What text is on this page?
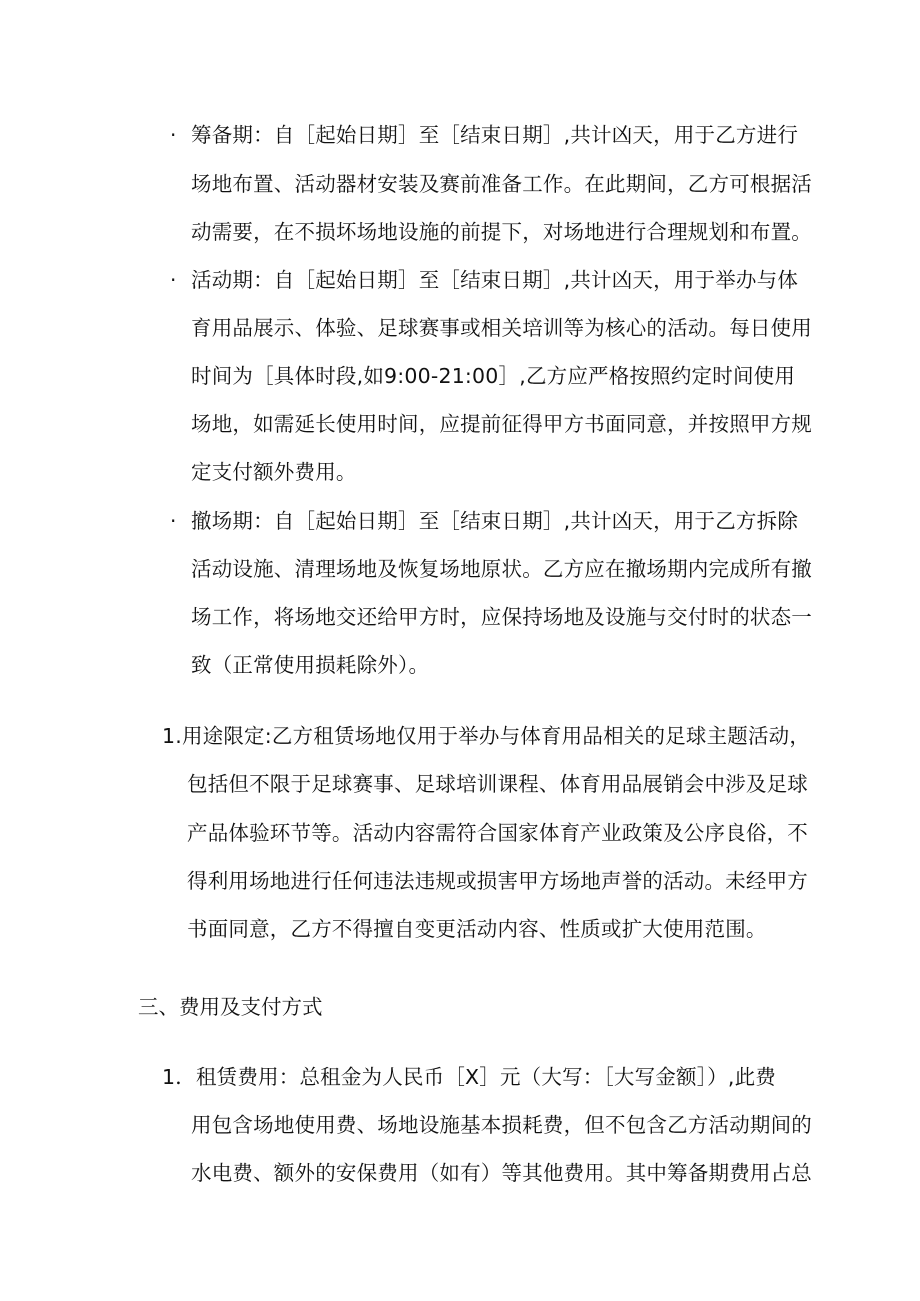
· 筹备期：自［起始日期］至［结束日期］,共计凶天，用于乙方进行
场地布置、活动器材安装及赛前准备工作。在此期间，乙方可根据活
动需要，在不损坏场地设施的前提下，对场地进行合理规划和布置。
· 活动期：自［起始日期］至［结束日期］,共计凶天，用于举办与体
育用品展示、体验、足球赛事或相关培训等为核心的活动。每日使用
时间为［具体时段,如9:00-21:00］,乙方应严格按照约定时间使用
场地，如需延长使用时间，应提前征得甲方书面同意，并按照甲方规
定支付额外费用。
· 撤场期：自［起始日期］至［结束日期］,共计凶天，用于乙方拆除
活动设施、清理场地及恢复场地原状。乙方应在撤场期内完成所有撤
场工作，将场地交还给甲方时，应保持场地及设施与交付时的状态一
致（正常使用损耗除外）。
1.用途限定:乙方租赁场地仅用于举办与体育用品相关的足球主题活动，
包括但不限于足球赛事、足球培训课程、体育用品展销会中涉及足球
产品体验环节等。活动内容需符合国家体育产业政策及公序良俗，不
得利用场地进行任何违法违规或损害甲方场地声誉的活动。未经甲方
书面同意，乙方不得擅自变更活动内容、性质或扩大使用范围。
三、费用及支付方式
1．租赁费用：总租金为人民币［X］元（大写：［大写金额］）,此费
用包含场地使用费、场地设施基本损耗费，但不包含乙方活动期间的
水电费、额外的安保费用（如有）等其他费用。其中筹备期费用占总
